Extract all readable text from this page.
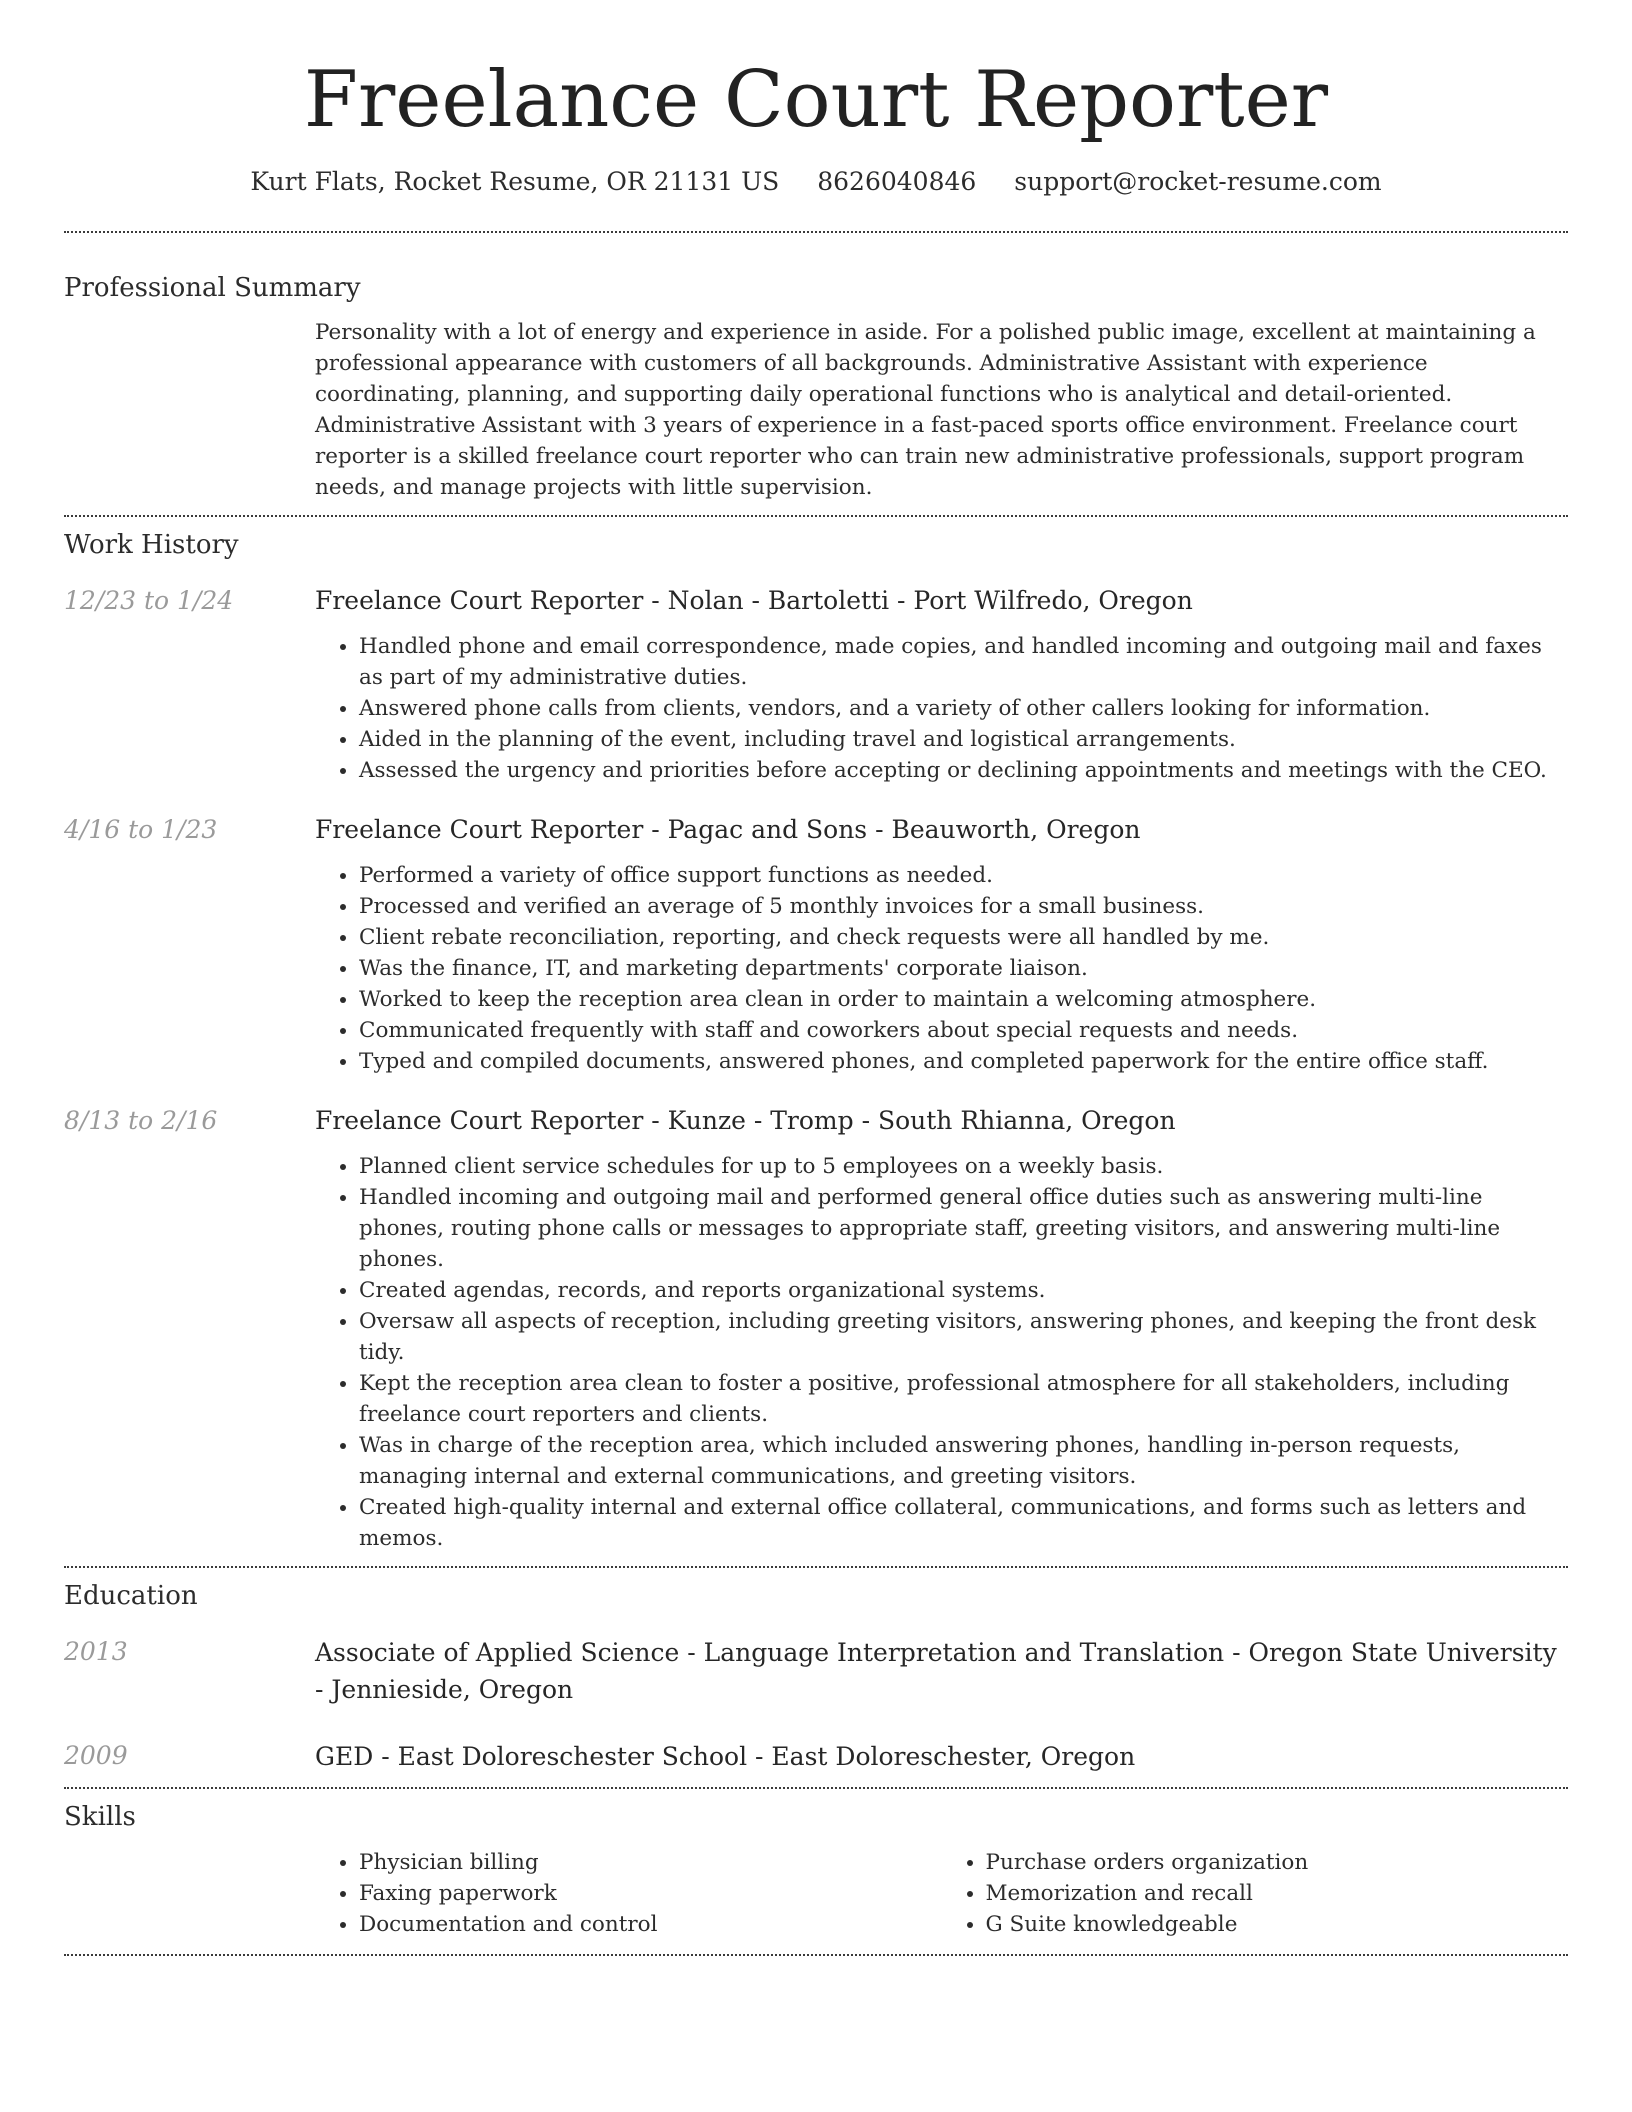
Freelance Court Reporter
Kurt Flats, Rocket Resume, OR 21131 US 8626040846 support@rocket-resume.com
Professional Summary

Personality with a lot of energy and experience in aside. For a polished public image, excellent at maintaining a professional appearance with customers of all backgrounds. Administrative Assistant with experience coordinating, planning, and supporting daily operational functions who is analytical and detail-oriented. Administrative Assistant with 3 years of experience in a fast-paced sports office environment. Freelance court reporter is a skilled freelance court reporter who can train new administrative professionals, support program needs, and manage projects with little supervision.

Work History
12/23 to 1/24	Freelance Court Reporter - Nolan - Bartoletti - Port Wilfredo, Oregon
• Handled phone and email correspondence, made copies, and handled incoming and outgoing mail and faxes as part of my administrative duties.
• Answered phone calls from clients, vendors, and a variety of other callers looking for information.
• Aided in the planning of the event, including travel and logistical arrangements.
• Assessed the urgency and priorities before accepting or declining appointments and meetings with the CEO.
4/16 to 1/23	Freelance Court Reporter - Pagac and Sons - Beauworth, Oregon
• Performed a variety of office support functions as needed.
• Processed and verified an average of 5 monthly invoices for a small business.
• Client rebate reconciliation, reporting, and check requests were all handled by me.
• Was the finance, IT, and marketing departments' corporate liaison.
• Worked to keep the reception area clean in order to maintain a welcoming atmosphere.
• Communicated frequently with staff and coworkers about special requests and needs.
• Typed and compiled documents, answered phones, and completed paperwork for the entire office staff.
8/13 to 2/16	Freelance Court Reporter - Kunze - Tromp - South Rhianna, Oregon
• Planned client service schedules for up to 5 employees on a weekly basis.
• Handled incoming and outgoing mail and performed general office duties such as answering multi-line phones, routing phone calls or messages to appropriate staff, greeting visitors, and answering multi-line phones.
• Created agendas, records, and reports organizational systems.
• Oversaw all aspects of reception, including greeting visitors, answering phones, and keeping the front desk tidy.
• Kept the reception area clean to foster a positive, professional atmosphere for all stakeholders, including freelance court reporters and clients.
• Was in charge of the reception area, which included answering phones, handling in-person requests, managing internal and external communications, and greeting visitors.
• Created high-quality internal and external office collateral, communications, and forms such as letters and memos.
Education
2013	Associate of Applied Science - Language Interpretation and Translation - Oregon State University - Jennieside, Oregon
2009	GED - East Doloreschester School - East Doloreschester, Oregon
Skills
• Physician billing
• Faxing paperwork
• Documentation and control
• Purchase orders organization
• Memorization and recall
• G Suite knowledgeable
